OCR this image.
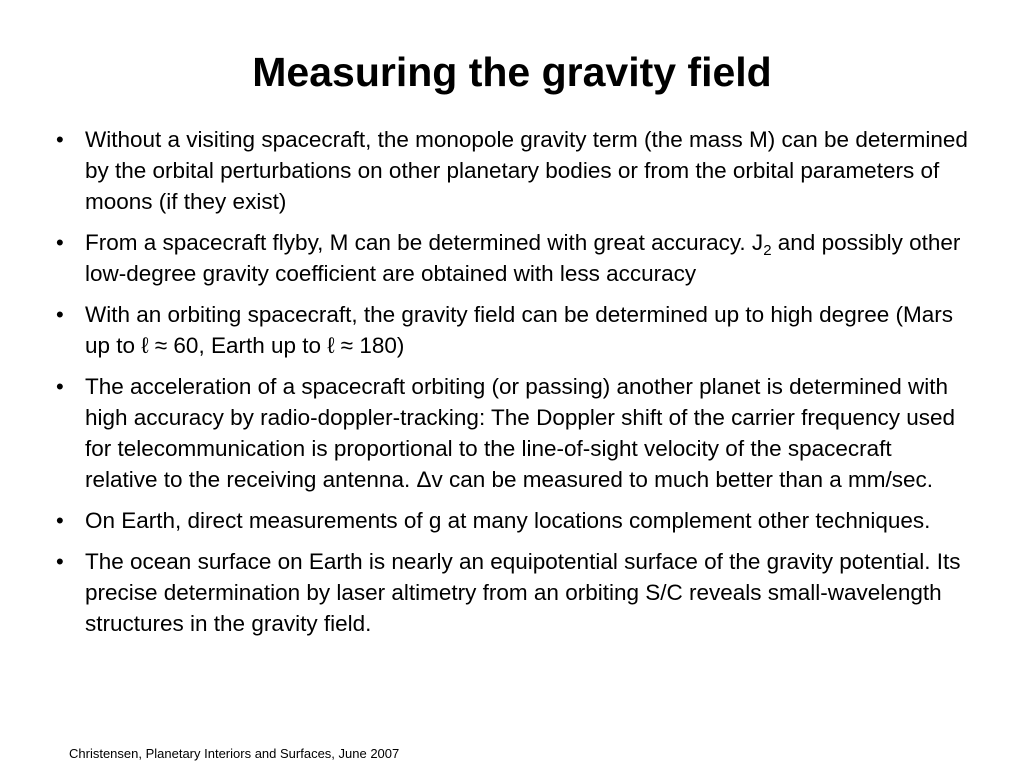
Measuring the gravity field
• Without a visiting spacecraft, the monopole gravity term (the mass M) can be determined by the orbital perturbations on other planetary bodies or from the orbital parameters of moons (if they exist)
• From a spacecraft flyby, M can be determined with great accuracy. $J_2$ and possibly other low-degree gravity coefficient are obtained with less accuracy
• With an orbiting spacecraft, the gravity field can be determined up to high degree (Mars up to ℓ ≈ 60, Earth up to ℓ ≈ 180)
• The acceleration of a spacecraft orbiting (or passing) another planet is determined with high accuracy by radio-doppler-tracking: The Doppler shift of the carrier frequency used for telecommunication is proportional to the line-of-sight velocity of the spacecraft relative to the receiving antenna. Δv can be measured to much better than a mm/sec.
• On Earth, direct measurements of g at many locations complement other techniques.
• The ocean surface on Earth is nearly an equipotential surface of the gravity potential. Its precise determination by laser altimetry from an orbiting S/C reveals small-wavelength structures in the gravity field.
Christensen, Planetary Interiors and Surfaces, June 2007
